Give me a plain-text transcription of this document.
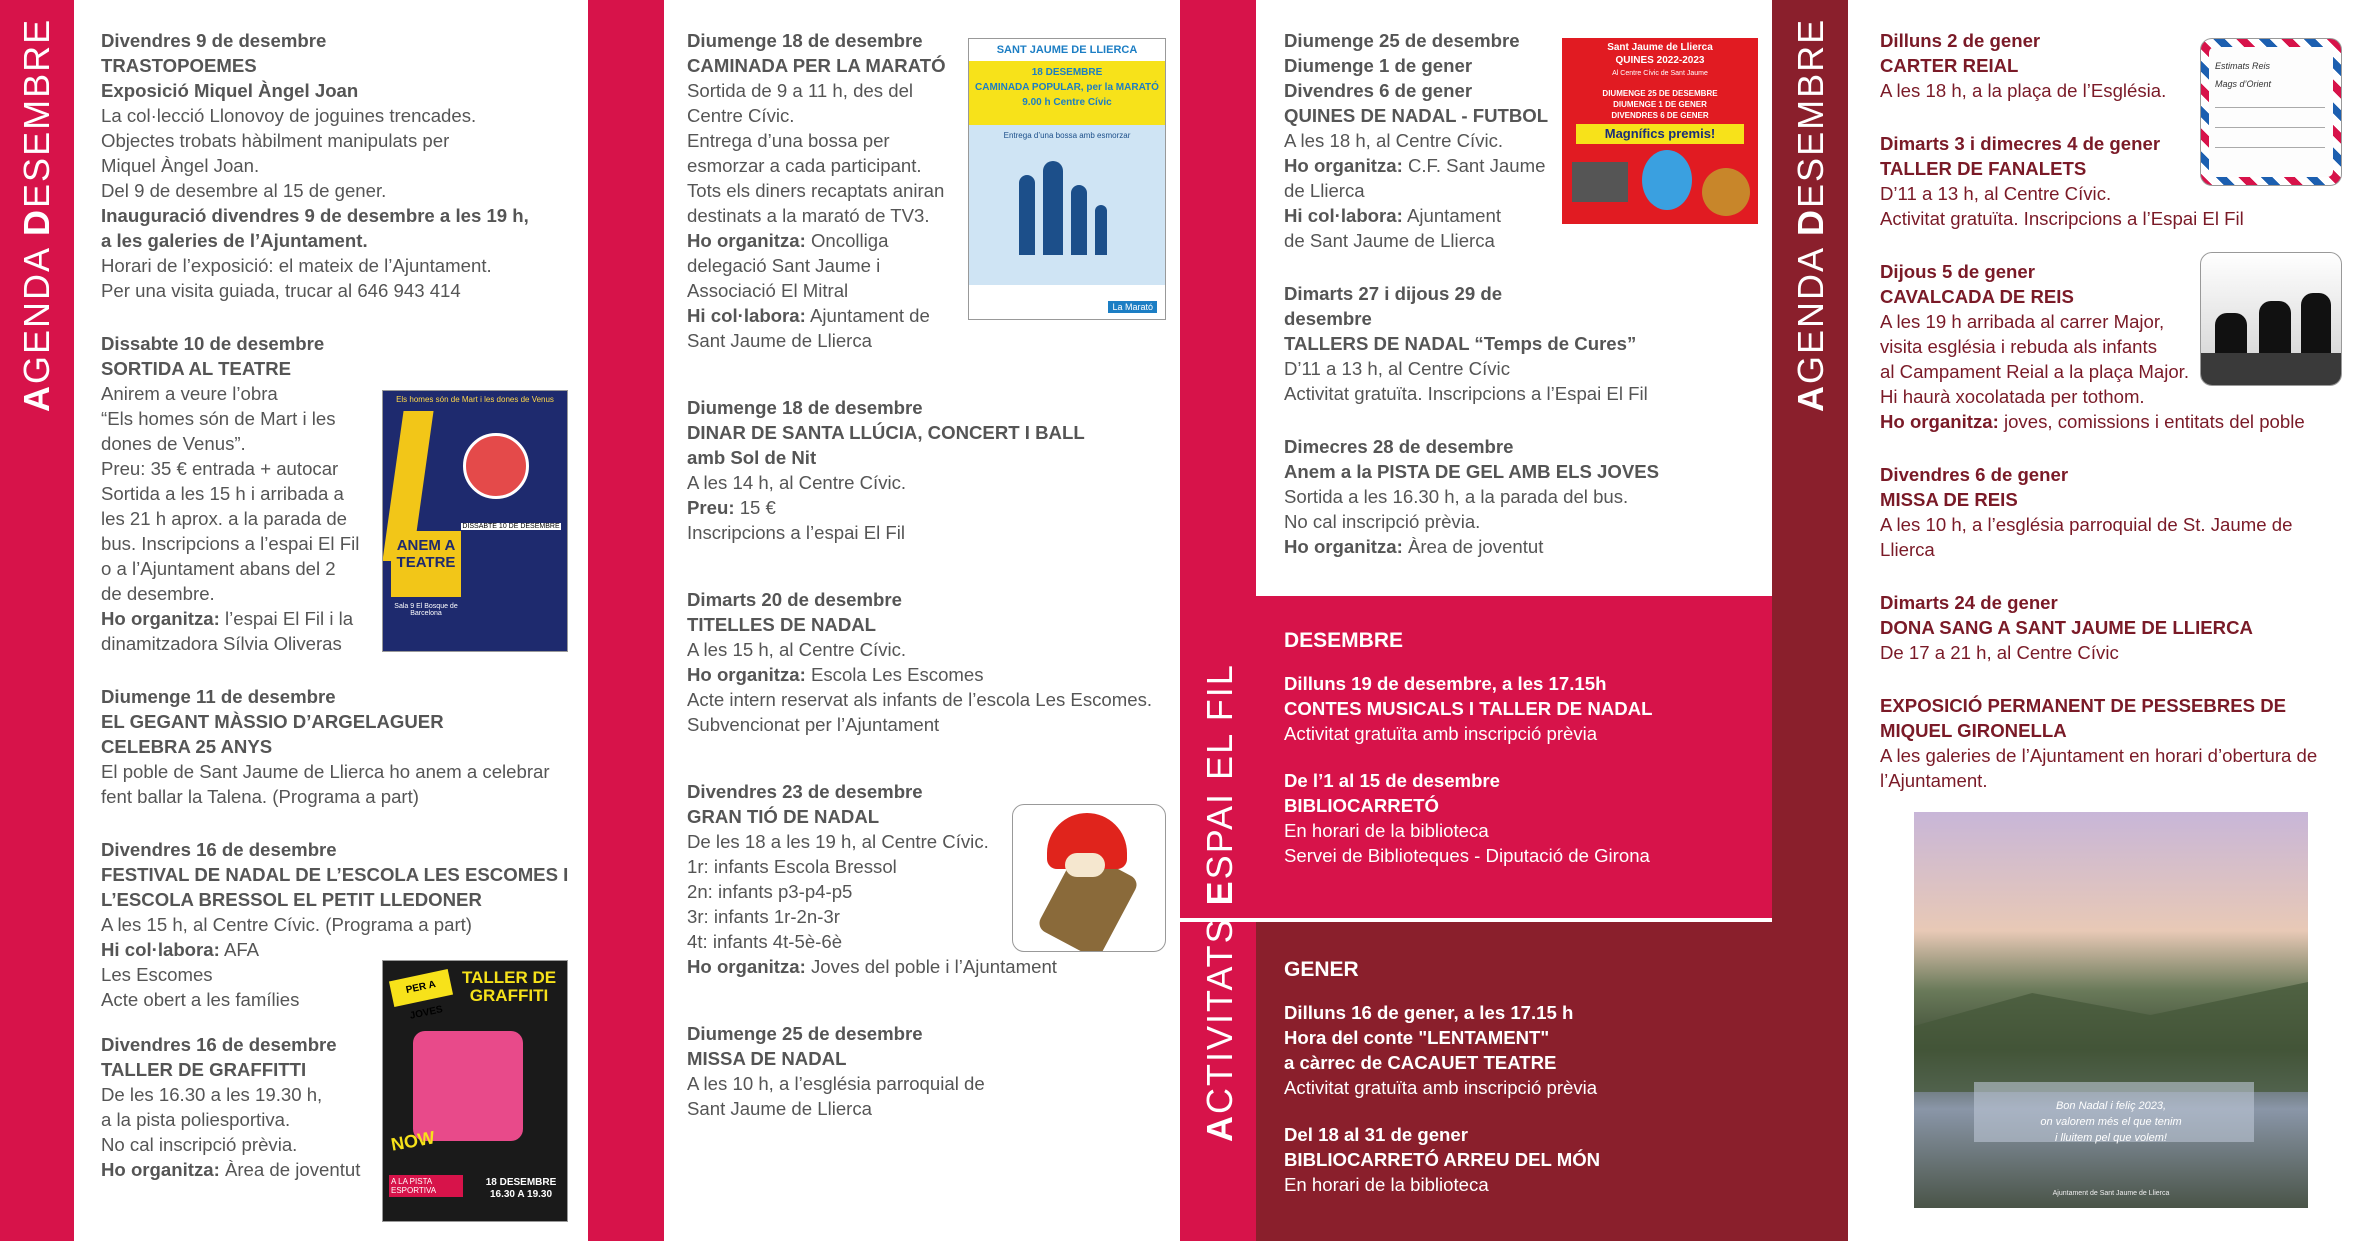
AGENDA DESEMBRE
AGENDA DESEMBRE

Divendres 9 de desembre

TRASTOPOEMES

Exposició Miquel Àngel Joan

La col·lecció Llonovoy de joguines trencades.

Objectes trobats hàbilment manipulats per

Miquel Àngel Joan.

Del 9 de desembre al 15 de gener.

Inauguració divendres 9 de desembre a les 19 h,

a les galeries de l’Ajuntament.

Horari de l’exposició: el mateix de l’Ajuntament.

Per una visita guiada, trucar al 646 943 414

Dissabte 10 de desembre

SORTIDA AL TEATRE

Anirem a veure l’obra

“Els homes són de Mart i les

dones de Venus”.

Preu: 35 € entrada + autocar

Sortida a les 15 h i arribada a

les 21 h aprox. a la parada de

bus. Inscripcions a l’espai El Fil

o a l’Ajuntament abans del 2

de desembre.

Ho organitza: l’espai El Fil i la

dinamitzadora Sílvia Oliveras

Diumenge 11 de desembre

EL GEGANT MÀSSIO D’ARGELAGUER

CELEBRA 25 ANYS

El poble de Sant Jaume de Llierca ho anem a celebrar

fent ballar la Talena. (Programa a part)

Divendres 16 de desembre

FESTIVAL DE NADAL DE L’ESCOLA LES ESCOMES I

L’ESCOLA BRESSOL EL PETIT LLEDONER

A les 15 h, al Centre Cívic. (Programa a part)

Hi col·labora: AFA

Les Escomes

Acte obert a les famílies

Divendres 16 de desembre

TALLER DE GRAFFITTI

De les 16.30 a les 19.30 h,

a la pista poliesportiva.

No cal inscripció prèvia.

Ho organitza: Àrea de joventut

Els homes són de Mart i les dones de Venus
DISSABTE 10 DE DESEMBRE
ANEM A
TEATRE
Sala 9 El Bosque de Barcelona
PER A JOVES
TALLER DE GRAFFITI
NOW
A LA PISTA ESPORTIVA
18 DESEMBRE
16.30 A 19.30

Diumenge 18 de desembre

CAMINADA PER LA MARATÓ

Sortida de 9 a 11 h, des del

Centre Cívic.

Entrega d’una bossa per

esmorzar a cada participant.

Tots els diners recaptats aniran

destinats a la marató de TV3.

Ho organitza: Oncolliga

delegació Sant Jaume i

Associació El Mitral

Hi col·labora: Ajuntament de

Sant Jaume de Llierca

Diumenge 18 de desembre

DINAR DE SANTA LLÚCIA, CONCERT I BALL

amb Sol de Nit

A les 14 h, al Centre Cívic.

Preu: 15 €

Inscripcions a l’espai El Fil

Dimarts 20 de desembre

TITELLES DE NADAL

A les 15 h, al Centre Cívic.

Ho organitza: Escola Les Escomes

Acte intern reservat als infants de l’escola Les Escomes.

Subvencionat per l’Ajuntament

Divendres 23 de desembre

GRAN TIÓ DE NADAL

De les 18 a les 19 h, al Centre Cívic.

1r: infants Escola Bressol

2n: infants p3-p4-p5

3r: infants 1r-2n-3r

4t: infants 4t-5è-6è

Ho organitza: Joves del poble i l’Ajuntament

Diumenge 25 de desembre

MISSA DE NADAL

A les 10 h, a l’església parroquial de

Sant Jaume de Llierca

SANT JAUME DE LLIERCA
18 DESEMBRE
CAMINADA POPULAR, per la MARATÓ
9.00 h Centre Cívic
Entrega d’una bossa amb esmorzar
La Marató

Diumenge 25 de desembre

Diumenge 1 de gener

Divendres 6 de gener

QUINES DE NADAL - FUTBOL

A les 18 h, al Centre Cívic.

Ho organitza: C.F. Sant Jaume

de Llierca

Hi col·labora: Ajuntament

de Sant Jaume de Llierca

Dimarts 27 i dijous 29 de

desembre

TALLERS DE NADAL “Temps de Cures”

D’11 a 13 h, al Centre Cívic

Activitat gratuïta. Inscripcions a l’Espai El Fil

Dimecres 28 de desembre

Anem a la PISTA DE GEL AMB ELS JOVES

Sortida a les 16.30 h, a la parada del bus.

No cal inscripció prèvia.

Ho organitza: Àrea de joventut

Sant Jaume de Llierca
QUINES 2022-2023
Al Centre Cívic de Sant Jaume
DIUMENGE 25 DE DESEMBRE
DIUMENGE 1 DE GENER
DIVENDRES 6 DE GENER
Magnífics premis!
ACTIVITATS ESPAI EL FIL
DESEMBRE

Dilluns 19 de desembre, a les 17.15h

CONTES MUSICALS I TALLER DE NADAL

Activitat gratuïta amb inscripció prèvia

De l’1 al 15 de desembre

BIBLIOCARRETÓ

En horari de la biblioteca

Servei de Biblioteques - Diputació de Girona

GENER

Dilluns 16 de gener, a les 17.15 h

Hora del conte "LENTAMENT"

a càrrec de CACAUET TEATRE

Activitat gratuïta amb inscripció prèvia

Del 18 al 31 de gener

BIBLIOCARRETÓ ARREU DEL MÓN

En horari de la biblioteca

Dilluns 2 de gener

CARTER REIAL

A les 18 h, a la plaça de l’Església.

Dimarts 3 i dimecres 4 de gener

TALLER DE FANALETS

D’11 a 13 h, al Centre Cívic.

Activitat gratuïta. Inscripcions a l’Espai El Fil

Dijous 5 de gener

CAVALCADA DE REIS

A les 19 h arribada al carrer Major,

visita església i rebuda als infants

al Campament Reial a la plaça Major.

Hi haurà xocolatada per tothom.

Ho organitza: joves, comissions i entitats del poble

Divendres 6 de gener

MISSA DE REIS

A les 10 h, a l’església parroquial de St. Jaume de Llierca

Dimarts 24 de gener

DONA SANG A SANT JAUME DE LLIERCA

De 17 a 21 h, al Centre Cívic

EXPOSICIÓ PERMANENT DE PESSEBRES DE

MIQUEL GIRONELLA

A les galeries de l’Ajuntament en horari d’obertura de

l’Ajuntament.

Estimats Reis
Mags d’Orient
Bon Nadal i feliç 2023,
on valorem més el que tenim
i lluitem pel que volem!
Ajuntament de Sant Jaume de Llierca
